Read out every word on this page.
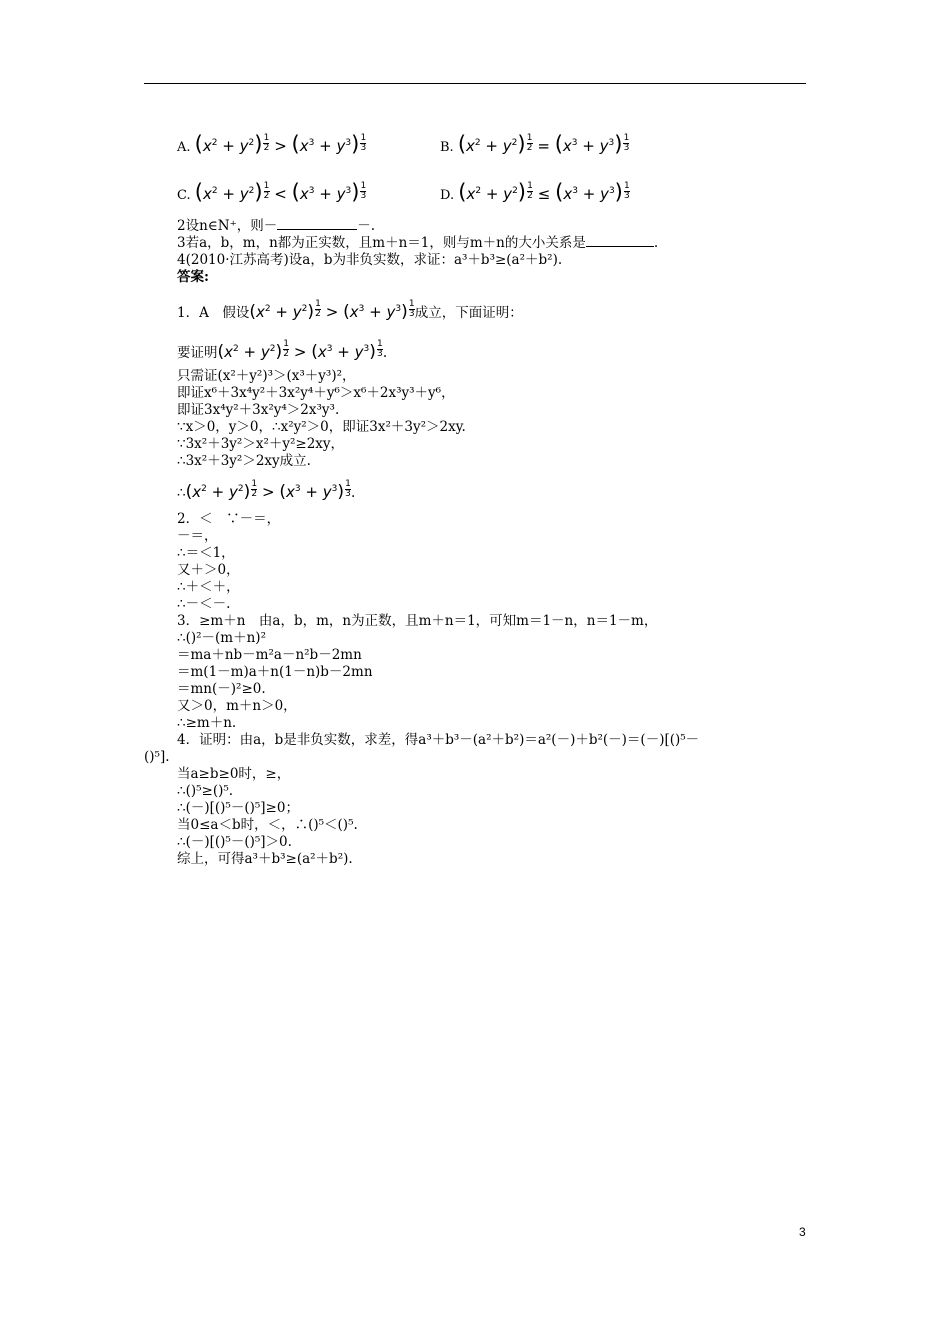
A. $(x^2 + y^2) \frac{1}{2} > (x^3 + y^3) \frac{1}{3}$	B. $(x^2 + y^2) \frac{1}{2} = (x^3 + y^3) \frac{1}{3}$
C. $(x^2 + y^2) \frac{1}{2} < (x^3 + y^3) \frac{1}{3}$	D. $(x^2 + y^2) \frac{1}{2} \le (x^3 + y^3) \frac{1}{3}$
2设n∈N⁺，则－	－.
3若a，b，m，n都为正实数，且m＋n＝1，则与m＋n的大小关系是	.
4(2010·江苏高考)设a，b为非负实数，求证：a³＋b³≥(a²＋b²).
答案:
1．A　假设$(x^2 + y^2) \frac{1}{2} > (x^3 + y^3) \frac{1}{3}$ 成立，下面证明：
要证明$(x^2 + y^2) \frac{1}{2} > (x^3 + y^3) \frac{1}{3}$ .
只需证(x²＋y²)³＞(x³＋y³)²，
即证x⁶＋3x⁴y²＋3x²y⁴＋y⁶＞x⁶＋2x³y³＋y⁶，
即证3x⁴y²＋3x²y⁴＞2x³y³.
∵x＞0，y＞0，∴x²y²＞0，即证3x²＋3y²＞2xy.
∵3x²＋3y²＞x²＋y²≥2xy，
∴3x²＋3y²＞2xy成立.
$\therefore(x^2 + y^2) \frac{1}{2} > (x^3 + y^3) \frac{1}{3}$ .
2．＜　∵－＝，
－＝，
∴＝＜1，
又＋＞0，
∴＋＜＋，
∴－＜－.
3．≥m＋n　由a，b，m，n为正数，且m＋n＝1，可知m＝1－n，n＝1－m，
∴()²－(m＋n)²
＝ma＋nb－m²a－n²b－2mn
＝m(1－m)a＋n(1－n)b－2mn
＝mn(－)²≥0.
又＞0，m＋n＞0，
∴≥m＋n.
4．证明：由a，b是非负实数，求差，得a³＋b³－(a²＋b²)＝a²(－)＋b²(－)＝(－)[()⁵－
()⁵].
当a≥b≥0时，≥，
∴()⁵≥()⁵.
∴(－)[()⁵－()⁵]≥0；
当0≤a＜b时，＜，∴()⁵＜()⁵.
∴(－)[()⁵－()⁵]＞0.
综上，可得a³＋b³≥(a²＋b²).
3
